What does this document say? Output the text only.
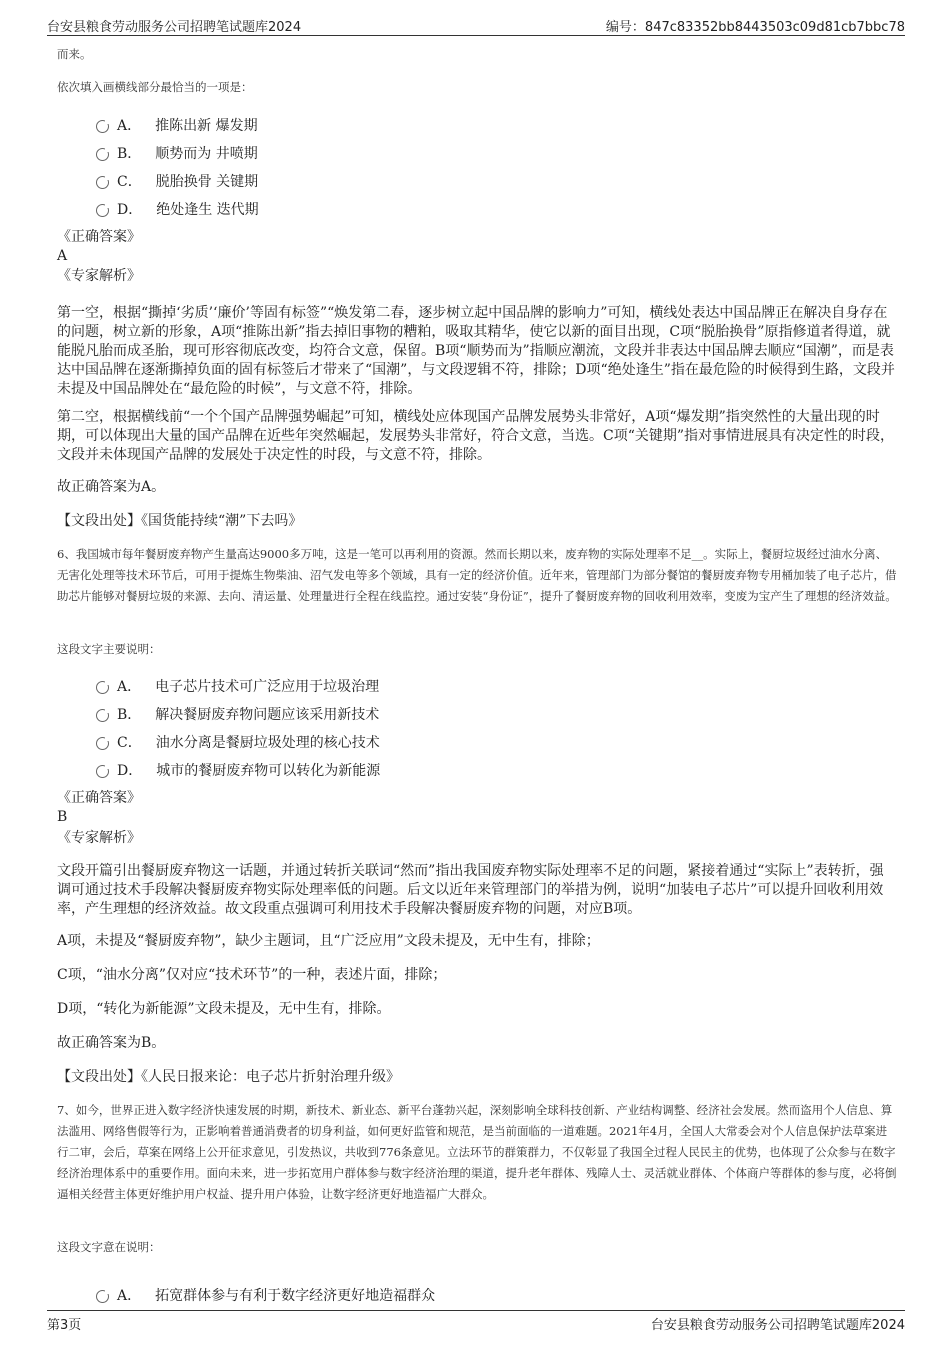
台安县粮食劳动服务公司招聘笔试题库2024	编号：847c83352bb8443503c09d81cb7bbc78
而来。
依次填入画横线部分最恰当的一项是：
A． 推陈出新 爆发期
B． 顺势而为 井喷期
C． 脱胎换骨 关键期
D． 绝处逢生 迭代期
《正确答案》
A
《专家解析》
第一空，根据“撕掉‘劣质’‘廉价’等固有标签”“焕发第二春，逐步树立起中国品牌的影响力”可知，横线处表达中国品牌正在解决自身存在的问题，树立新的形象，A项“推陈出新”指去掉旧事物的糟粕，吸取其精华，使它以新的面目出现，C项“脱胎换骨”原指修道者得道，就能脱凡胎而成圣胎，现可形容彻底改变，均符合文意，保留。B项“顺势而为”指顺应潮流，文段并非表达中国品牌去顺应“国潮”，而是表达中国品牌在逐渐撕掉负面的固有标签后才带来了“国潮”，与文段逻辑不符，排除；D项“绝处逢生”指在最危险的时候得到生路，文段并未提及中国品牌处在“最危险的时候”，与文意不符，排除。
第二空，根据横线前“一个个国产品牌强势崛起”可知，横线处应体现国产品牌发展势头非常好，A项“爆发期”指突然性的大量出现的时期，可以体现出大量的国产品牌在近些年突然崛起，发展势头非常好，符合文意，当选。C项“关键期”指对事情进展具有决定性的时段，文段并未体现国产品牌的发展处于决定性的时段，与文意不符，排除。
故正确答案为A。
【文段出处】《国货能持续“潮”下去吗》
6、我国城市每年餐厨废弃物产生量高达9000多万吨，这是一笔可以再利用的资源。然而长期以来，废弃物的实际处理率不足__。实际上，餐厨垃圾经过油水分离、无害化处理等技术环节后，可用于提炼生物柴油、沼气发电等多个领域，具有一定的经济价值。近年来，管理部门为部分餐馆的餐厨废弃物专用桶加装了电子芯片，借助芯片能够对餐厨垃圾的来源、去向、清运量、处理量进行全程在线监控。通过安装“身份证”，提升了餐厨废弃物的回收利用效率，变废为宝产生了理想的经济效益。
这段文字主要说明：
A． 电子芯片技术可广泛应用于垃圾治理
B． 解决餐厨废弃物问题应该采用新技术
C． 油水分离是餐厨垃圾处理的核心技术
D． 城市的餐厨废弃物可以转化为新能源
《正确答案》
B
《专家解析》
文段开篇引出餐厨废弃物这一话题，并通过转折关联词“然而”指出我国废弃物实际处理率不足的问题，紧接着通过“实际上”表转折，强调可通过技术手段解决餐厨废弃物实际处理率低的问题。后文以近年来管理部门的举措为例，说明“加装电子芯片”可以提升回收利用效率，产生理想的经济效益。故文段重点强调可利用技术手段解决餐厨废弃物的问题，对应B项。
A项，未提及“餐厨废弃物”，缺少主题词，且“广泛应用”文段未提及，无中生有，排除；
C项，“油水分离”仅对应“技术环节”的一种，表述片面，排除；
D项，“转化为新能源”文段未提及，无中生有，排除。
故正确答案为B。
【文段出处】《人民日报来论：电子芯片折射治理升级》
7、如今，世界正进入数字经济快速发展的时期，新技术、新业态、新平台蓬勃兴起，深刻影响全球科技创新、产业结构调整、经济社会发展。然而盗用个人信息、算法滥用、网络售假等行为，正影响着普通消费者的切身利益，如何更好监管和规范，是当前面临的一道难题。2021年4月，全国人大常委会对个人信息保护法草案进行二审，会后，草案在网络上公开征求意见，引发热议，共收到776条意见。立法环节的群策群力，不仅彰显了我国全过程人民民主的优势，也体现了公众参与在数字经济治理体系中的重要作用。面向未来，进一步拓宽用户群体参与数字经济治理的渠道，提升老年群体、残障人士、灵活就业群体、个体商户等群体的参与度，必将倒逼相关经营主体更好维护用户权益、提升用户体验，让数字经济更好地造福广大群众。
这段文字意在说明：
A． 拓宽群体参与有利于数字经济更好地造福群众
第3页	台安县粮食劳动服务公司招聘笔试题库2024
